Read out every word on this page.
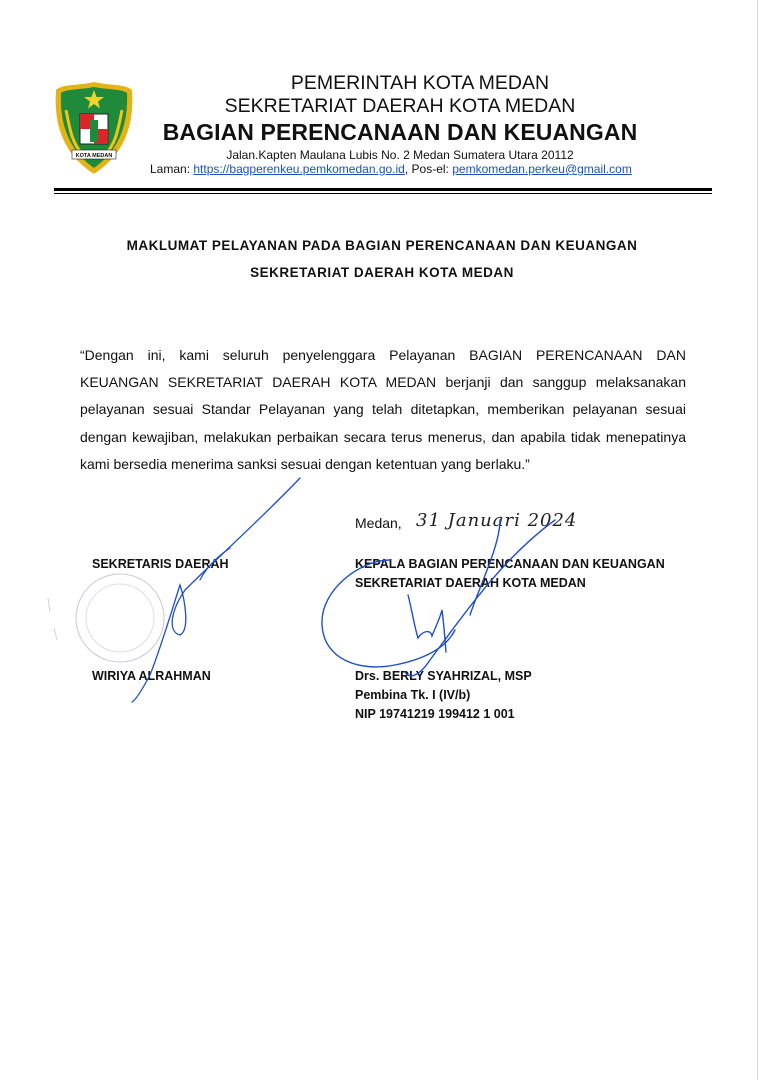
KOTA MEDAN
PEMERINTAH KOTA MEDAN
SEKRETARIAT DAERAH KOTA MEDAN
BAGIAN PERENCANAAN DAN KEUANGAN
Jalan.Kapten Maulana Lubis No. 2 Medan Sumatera Utara 20112
Laman: https://bagperenkeu.pemkomedan.go.id, Pos-el: pemkomedan.perkeu@gmail.com
MAKLUMAT PELAYANAN PADA BAGIAN PERENCANAAN DAN KEUANGAN
SEKRETARIAT DAERAH KOTA MEDAN
“Dengan ini, kami seluruh penyelenggara Pelayanan BAGIAN PERENCANAAN DAN KEUANGAN SEKRETARIAT DAERAH KOTA MEDAN berjanji dan sanggup melaksanakan pelayanan sesuai Standar Pelayanan yang telah ditetapkan, memberikan pelayanan sesuai dengan kewajiban, melakukan perbaikan secara terus menerus, dan apabila tidak menepatinya kami bersedia menerima sanksi sesuai dengan ketentuan yang berlaku.”
Medan, 31 Januari 2024
SEKRETARIS DAERAH
WIRIYA ALRAHMAN
KEPALA BAGIAN PERENCANAAN DAN KEUANGAN
SEKRETARIAT DAERAH KOTA MEDAN
Drs. BERLY SYAHRIZAL, MSP
Pembina Tk. I (IV/b)
NIP 19741219 199412 1 001
